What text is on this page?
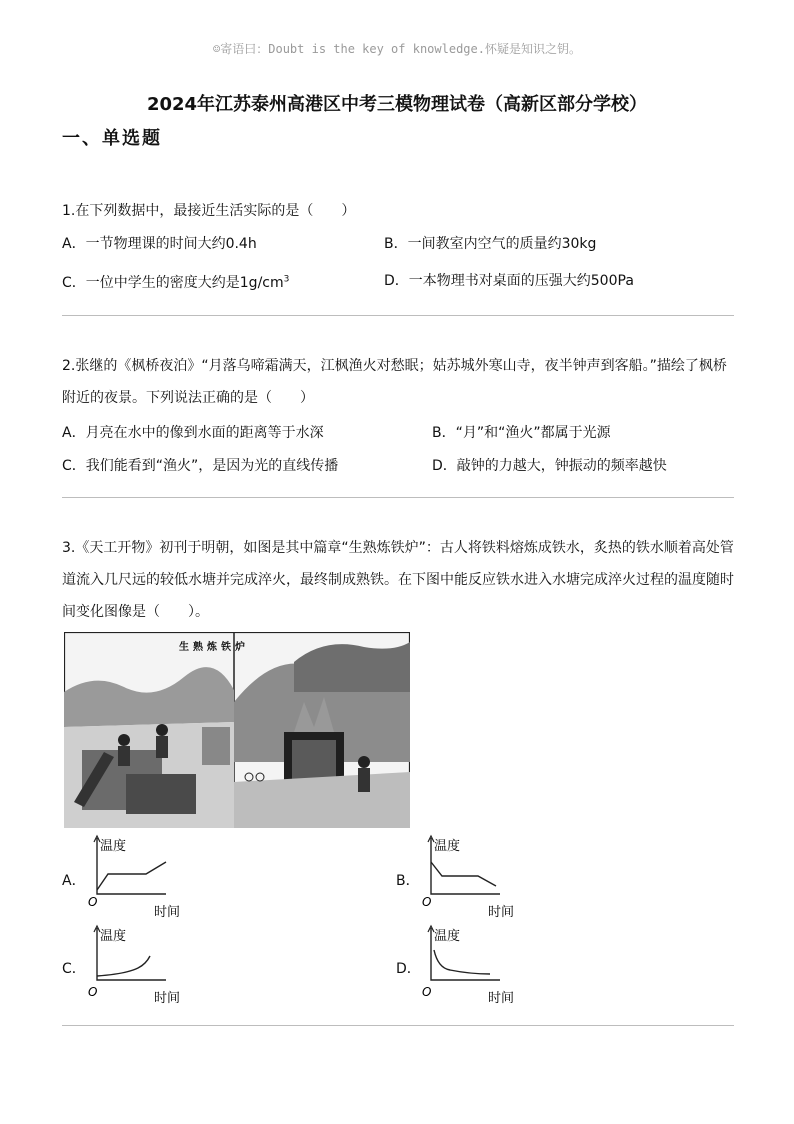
☺寄语曰：Doubt is the key of knowledge.怀疑是知识之钥。
2024年江苏泰州高港区中考三模物理试卷（高新区部分学校）
一、单选题
1.在下列数据中，最接近生活实际的是（　　）
A．一节物理课的时间大约0.4h	B．一间教室内空气的质量约30kg
C．一位中学生的密度大约是$1g/cm^3$	D．一本物理书对桌面的压强大约500Pa
2.张继的《枫桥夜泊》“月落乌啼霜满天，江枫渔火对愁眠；姑苏城外寒山寺，夜半钟声到客船。”描绘了枫桥附近的夜景。下列说法正确的是（　　）
A．月亮在水中的像到水面的距离等于水深	B．“月”和“渔火”都属于光源
C．我们能看到“渔火”，是因为光的直线传播	D．敲钟的力越大，钟振动的频率越快
3.《天工开物》初刊于明朝，如图是其中篇章“生熟炼铁炉”：古人将铁料熔炼成铁水，炙热的铁水顺着高处管道流入几尺远的较低水塘并完成淬火，最终制成熟铁。在下图中能反应铁水进入水塘完成淬火过程的温度随时间变化图像是（　　）。
生熟炼铁炉
A．	B．
C．	D．
温度
O
时间
温度
O
时间
温度
O	时间
温度
O	时间
